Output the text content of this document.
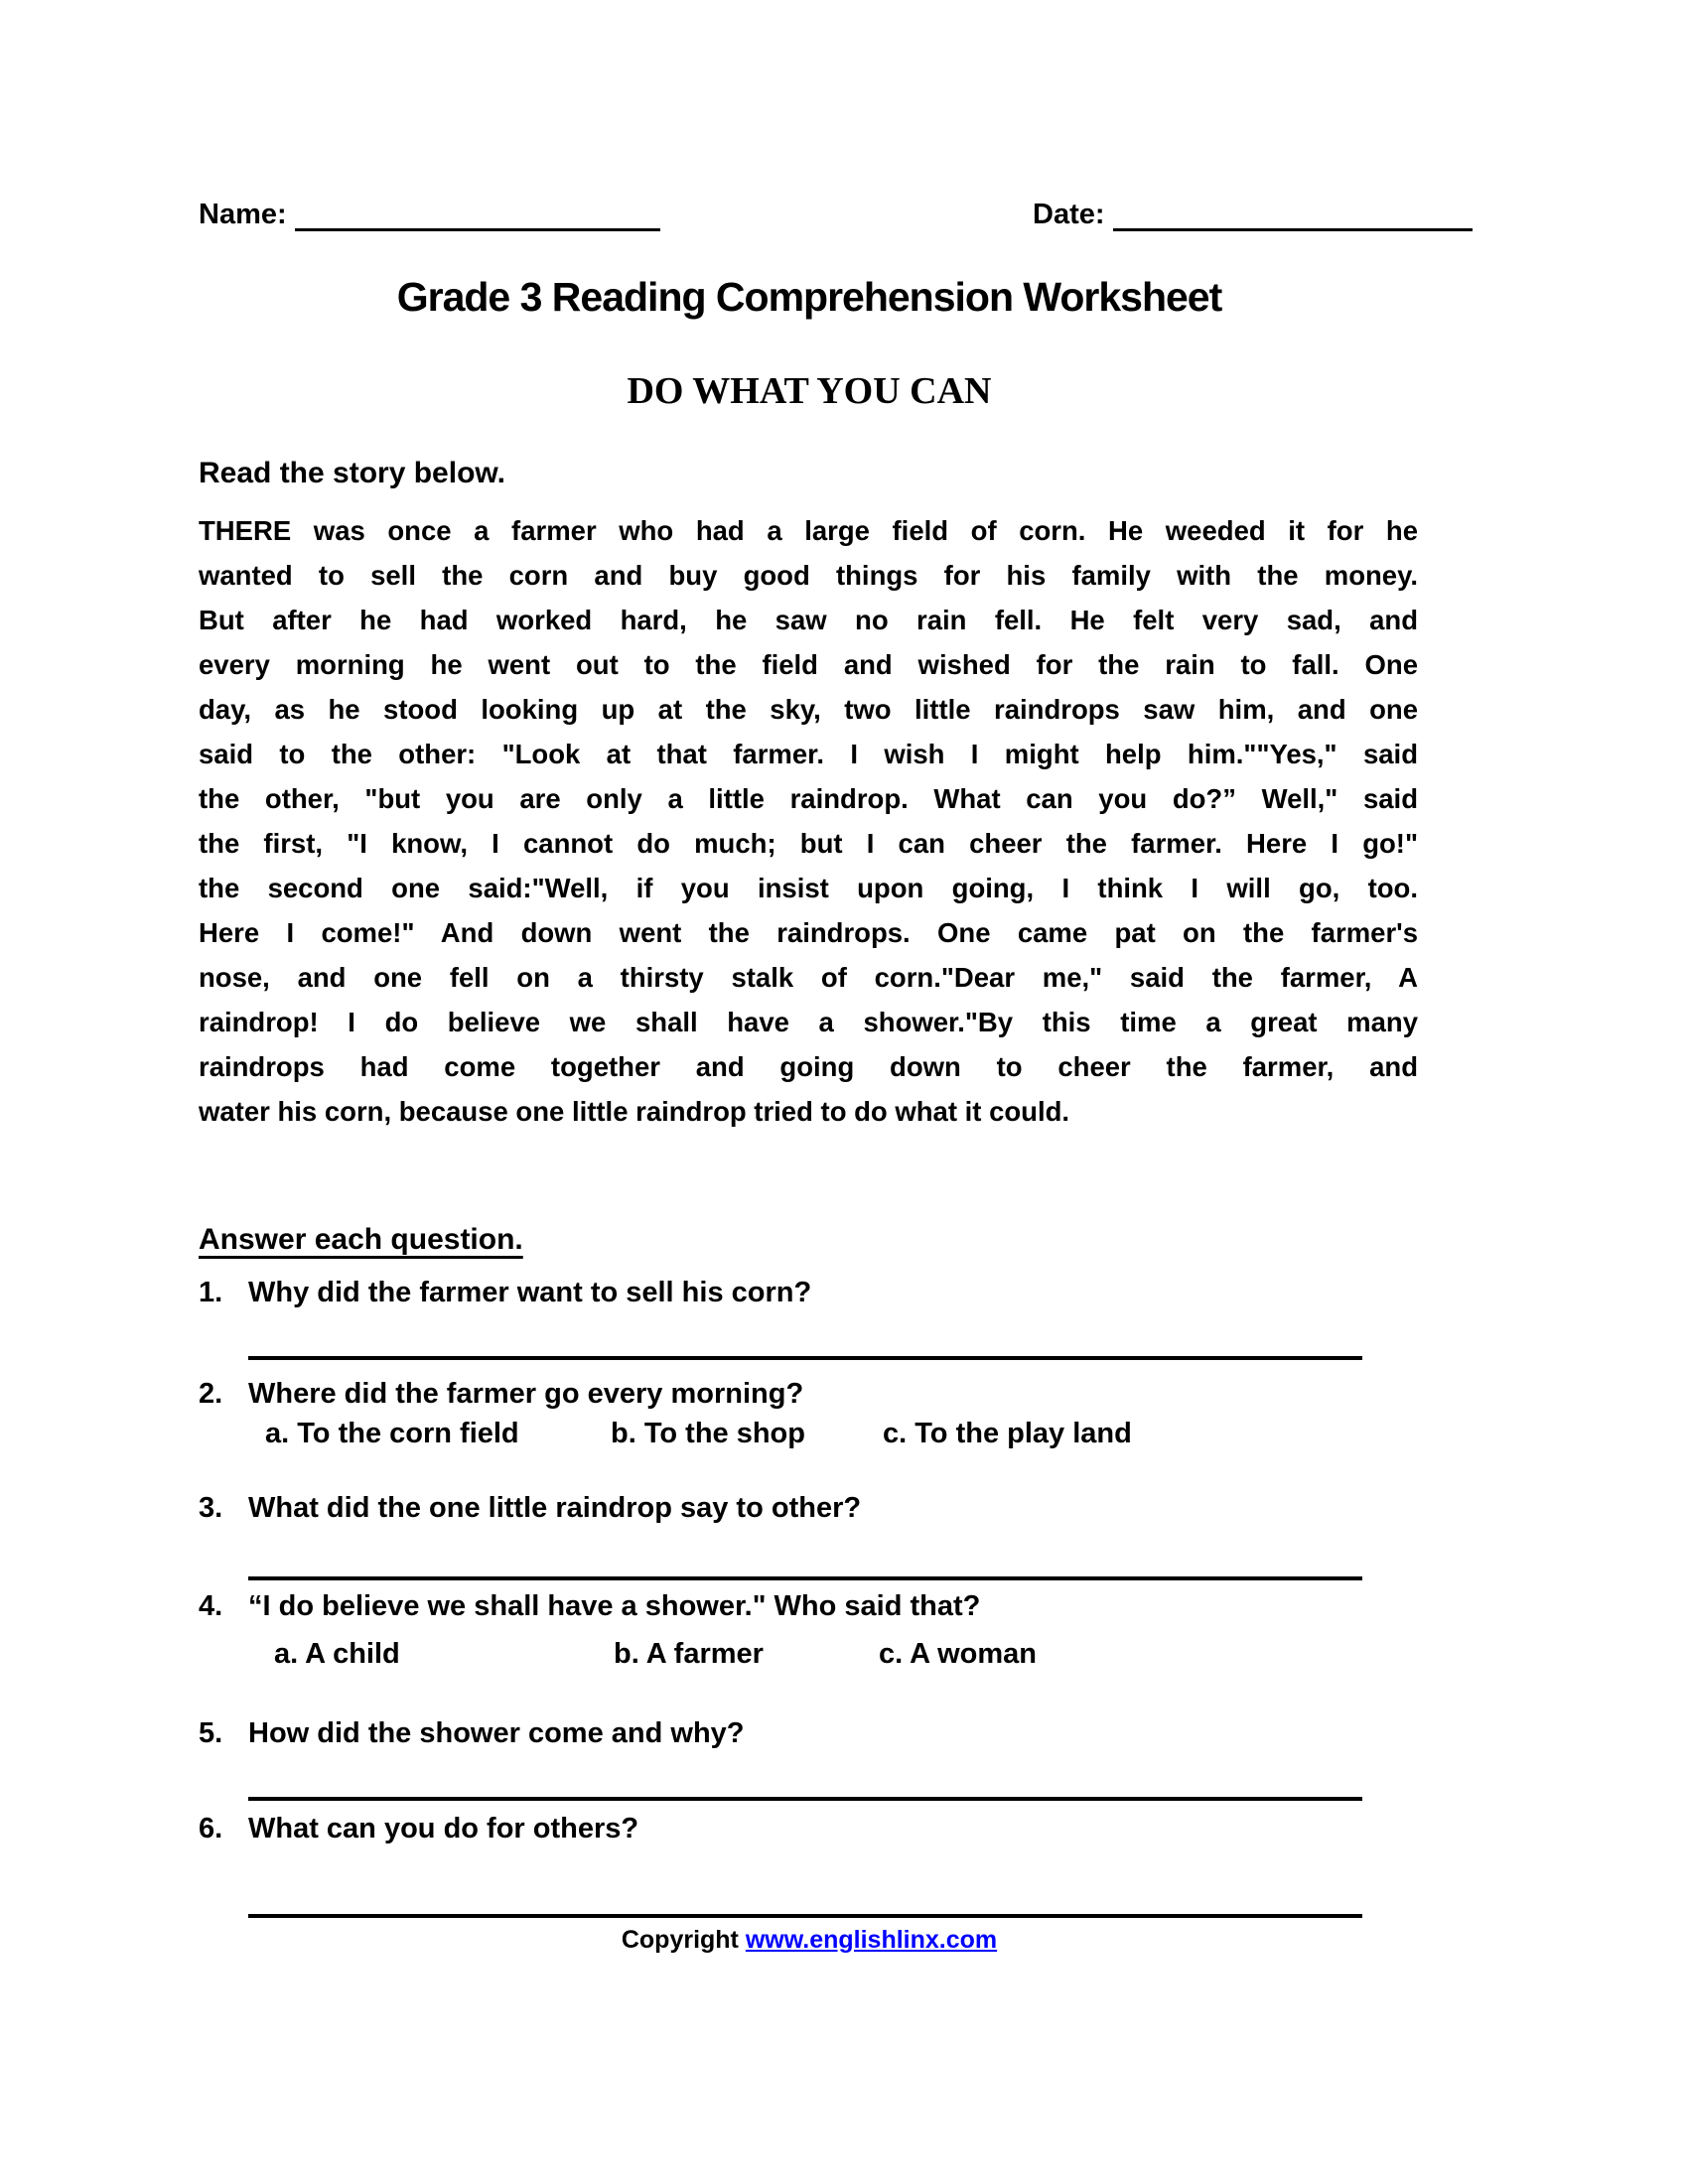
Name:	Date:
Grade 3 Reading Comprehension Worksheet
DO WHAT YOU CAN
Read the story below.
THERE was once a farmer who had a large field of corn. He weeded it for he
wanted to sell the corn and buy good things for his family with the money.
But after he had worked hard, he saw no rain fell. He felt very sad, and
every morning he went out to the field and wished for the rain to fall. One
day, as he stood looking up at the sky, two little raindrops saw him, and one
said to the other: "Look at that farmer. I wish I might help him.""Yes," said
the other, "but you are only a little raindrop. What can you do?” Well," said
the first, "I know, I cannot do much; but I can cheer the farmer. Here I go!"
the second one said:"Well, if you insist upon going, I think I will go, too.
Here I come!" And down went the raindrops. One came pat on the farmer's
nose, and one fell on a thirsty stalk of corn."Dear me," said the farmer, A
raindrop! I do believe we shall have a shower."By this time a great many
raindrops had come together and going down to cheer the farmer, and
water his corn, because one little raindrop tried to do what it could.
Answer each question.
1. Why did the farmer want to sell his corn?
2. Where did the farmer go every morning?
a. To the corn field	b. To the shop	c. To the play land
3. What did the one little raindrop say to other?
4. “I do believe we shall have a shower." Who said that?
a. A child	b. A farmer	c. A woman
5. How did the shower come and why?
6. What can you do for others?
Copyright www.englishlinx.com
